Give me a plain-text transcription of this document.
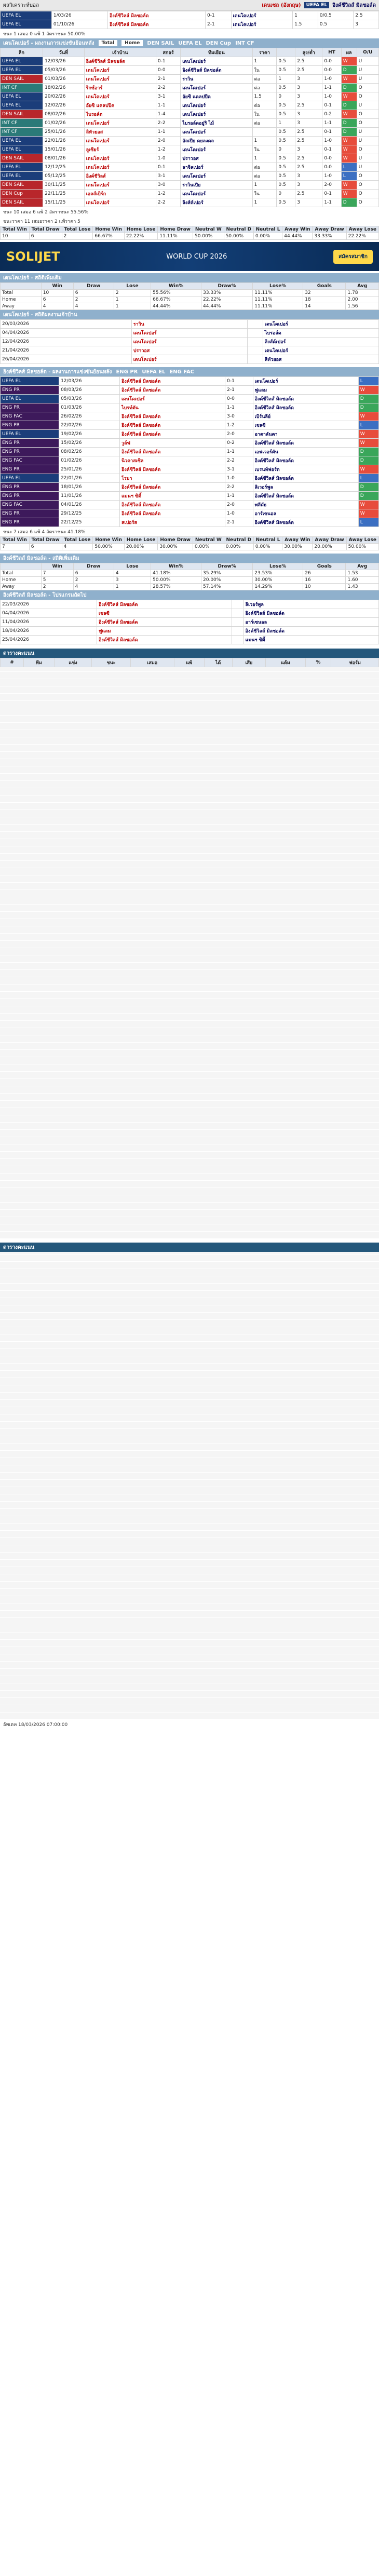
ผลวิเคราะห์บอล	เดนเซล (อังกฤษ)	UEFA EL	อิงค์ชีวิลส์ มิลชอล์ด
UEFA EL	1/03/26	อิงค์ชีวิลส์ มิลชอล์ด	0-1	เดนโคเปอร์	1	0/0.5	2.5
UEFA EL	01/10/26	อิงค์ชีวิลส์ มิลชอล์ด	2-1	เดนโคเปอร์	1.5	0.5	3
ชนะ 1 เสมอ 0 แพ้ 1 อัตราชนะ 50.00%
เดนโคเปอร์ - ผลงานการแข่งขันย้อนหลัง	Total	Home	DEN SAIL UEFA EL DEN Cup INT CF
ลีก	วันที่	เจ้าบ้าน	สกอร์	ทีมเยือน	ราคา		สูง/ต่ำ	HT	ผล	O/U
UEFA EL	12/03/26	อิงค์ชีวิลส์ มิลชอล์ด	0-1	เดนโคเปอร์	1	0.5	2.5	0-0	W	U
UEFA EL	05/03/26	เดนโคเปอร์	0-0	อิงค์ชีวิลส์ มิลชอล์ด	ใน	0.5	2.5	0-0	D	U
DEN SAIL	01/03/26	เดนโคเปอร์	2-1	ราวิน	ต่อ	1	3	1-0	W	U
INT CF	18/02/26	ริกซ์อาร์	2-2	เดนโคเปอร์	ต่อ	0.5	3	1-1	D	O
UEFA EL	20/02/26	เดนโคเปอร์	3-1	อัยซิ แคลปปีค	1.5	0	3	1-0	W	O
UEFA EL	12/02/26	อัยซิ แคลปปีค	1-1	เดนโคเปอร์	ต่อ	0.5	2.5	0-1	D	U
DEN SAIL	08/02/26	ไบรอล์ด	1-4	เดนโคเปอร์	ใน	0.5	3	0-2	W	O
INT CF	01/02/26	เดนโคเปอร์	2-2	ไบรอล์ดอยู่ริ ไม้	ต่อ	1	3	1-1	D	O
INT CF	25/01/26	ลิทัวยอส	1-1	เดนโคเปอร์		0.5	2.5	0-1	D	U
UEFA EL	22/01/26	เดนโคเปอร์	2-0	อัลเปีย คยลงคล	1	0.5	2.5	1-0	W	U
UEFA EL	15/01/26	ลูเซียร์	1-2	เดนโคเปอร์	ใน	0	3	0-1	W	O
DEN SAIL	08/01/26	เดนโคเปอร์	1-0	ปราวอส	1	0.5	2.5	0-0	W	U
UEFA EL	12/12/25	เดนโคเปอร์	0-1	ลาจิลเปอร์	ต่อ	0.5	2.5	0-0	L	U
UEFA EL	05/12/25	อิงค์ชีวิลส์	3-1	เดนโคเปอร์	ต่อ	0.5	3	1-0	L	O
DEN SAIL	30/11/25	เดนโคเปอร์	3-0	ราวินเปีย	1	0.5	3	2-0	W	O
DEN Cup	22/11/25	เอลส์เบิร์ก	1-2	เดนโคเปอร์	ใน	0	2.5	0-1	W	O
DEN SAIL	15/11/25	เดนโคเปอร์	2-2	ลิงส์ค์เปอร์	1	0.5	3	1-1	D	O
ชนะ 10 เสมอ 6 แพ้ 2 อัตราชนะ 55.56%
ชนะราคา 11 เสมอราคา 2 แพ้ราคา 5
Total Win	Total Draw	Total Lose	Home Win	Home Lose	Home Draw	Neutral W	Neutral D	Neutral L	Away Win	Away Draw	Away Lose
10	6	2	66.67%	22.22%	11.11%	50.00%	50.00%	0.00%	44.44%	33.33%	22.22%
SOLIJET	WORLD CUP 2026	สมัครสมาชิก
เดนโคเปอร์ - สถิติเพิ่มเติม
	Win	Draw	Lose	Win%	Draw%	Lose%	Goals	Avg
Total	10	6	2	55.56%	33.33%	11.11%	32	1.78
Home	6	2	1	66.67%	22.22%	11.11%	18	2.00
Away	4	4	1	44.44%	44.44%	11.11%	14	1.56
เดนโคเปอร์ - สถิติผลงานเจ้าบ้าน
20/03/2026	ราวิน		เดนโคเปอร์
04/04/2026	เดนโคเปอร์		ไบรอล์ด
12/04/2026	เดนโคเปอร์		ลิงส์ค์เปอร์
21/04/2026	ปราวอส		เดนโคเปอร์
26/04/2026	เดนโคเปอร์		ลิทัวยอส
อิงค์ชีวิลส์ มิลชอล์ด - ผลงานการแข่งขันย้อนหลัง ENG PR UEFA EL ENG FAC
UEFA EL	12/03/26	อิงค์ชีวิลส์ มิลชอล์ด	0-1	เดนโคเปอร์	L
ENG PR	08/03/26	อิงค์ชีวิลส์ มิลชอล์ด	2-1	ฟูแลม	W
UEFA EL	05/03/26	เดนโคเปอร์	0-0	อิงค์ชีวิลส์ มิลชอล์ด	D
ENG PR	01/03/26	ไบรท์ตัน	1-1	อิงค์ชีวิลส์ มิลชอล์ด	D
ENG FAC	26/02/26	อิงค์ชีวิลส์ มิลชอล์ด	3-0	เบิร์นลีย์	W
ENG PR	22/02/26	อิงค์ชีวิลส์ มิลชอล์ด	1-2	เชลซี	L
UEFA EL	19/02/26	อิงค์ชีวิลส์ มิลชอล์ด	2-0	อาตาลันตา	W
ENG PR	15/02/26	วูล์ฟ	0-2	อิงค์ชีวิลส์ มิลชอล์ด	W
ENG PR	08/02/26	อิงค์ชีวิลส์ มิลชอล์ด	1-1	เอฟเวอร์ตัน	D
ENG FAC	01/02/26	นิวคาสเซิล	2-2	อิงค์ชีวิลส์ มิลชอล์ด	D
ENG PR	25/01/26	อิงค์ชีวิลส์ มิลชอล์ด	3-1	เบรนท์ฟอร์ด	W
UEFA EL	22/01/26	โรมา	1-0	อิงค์ชีวิลส์ มิลชอล์ด	L
ENG PR	18/01/26	อิงค์ชีวิลส์ มิลชอล์ด	2-2	ลิเวอร์พูล	D
ENG PR	11/01/26	แมนฯ ซิตี้	1-1	อิงค์ชีวิลส์ มิลชอล์ด	D
ENG FAC	04/01/26	อิงค์ชีวิลส์ มิลชอล์ด	2-0	พลีมัธ	W
ENG PR	29/12/25	อิงค์ชีวิลส์ มิลชอล์ด	1-0	อาร์เซนอล	W
ENG PR	22/12/25	สเปอร์ส	2-1	อิงค์ชีวิลส์ มิลชอล์ด	L
ชนะ 7 เสมอ 6 แพ้ 4 อัตราชนะ 41.18%
Total Win	Total Draw	Total Lose	Home Win	Home Lose	Home Draw	Neutral W	Neutral D	Neutral L	Away Win	Away Draw	Away Lose
7	6	4	50.00%	20.00%	30.00%	0.00%	0.00%	0.00%	30.00%	20.00%	50.00%
อิงค์ชีวิลส์ มิลชอล์ด - สถิติเพิ่มเติม
	Win	Draw	Lose	Win%	Draw%	Lose%	Goals	Avg
Total	7	6	4	41.18%	35.29%	23.53%	26	1.53
Home	5	2	3	50.00%	20.00%	30.00%	16	1.60
Away	2	4	1	28.57%	57.14%	14.29%	10	1.43
อิงค์ชีวิลส์ มิลชอล์ด - โปรแกรมถัดไป
22/03/2026	อิงค์ชีวิลส์ มิลชอล์ด		ลิเวอร์พูล
04/04/2026	เชลซี		อิงค์ชีวิลส์ มิลชอล์ด
11/04/2026	อิงค์ชีวิลส์ มิลชอล์ด		อาร์เซนอล
18/04/2026	ฟูแลม		อิงค์ชีวิลส์ มิลชอล์ด
25/04/2026	อิงค์ชีวิลส์ มิลชอล์ด		แมนฯ ซิตี้
ตารางคะแนน
#	ทีม	แข่ง	ชนะ	เสมอ	แพ้	ได้	เสีย	แต้ม	%	ฟอร์ม
ตารางคะแนน
อัพเดท 18/03/2026 07:00:00
